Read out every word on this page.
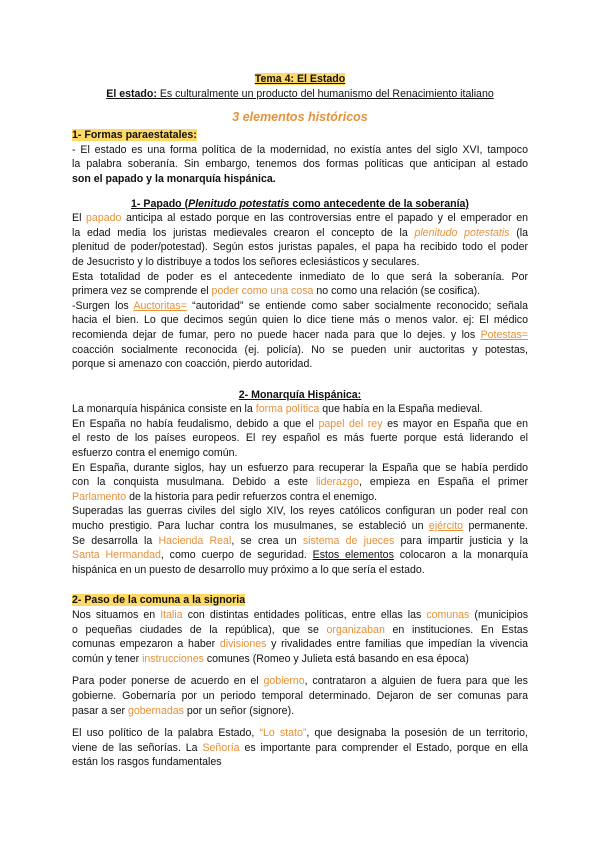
Tema 4: El Estado
El estado: Es culturalmente un producto del humanismo del Renacimiento italiano
3 elementos históricos
1- Formas paraestatales:
- El estado es una forma política de la modernidad, no existía antes del siglo XVI, tampoco
la palabra soberanía. Sin embargo, tenemos dos formas políticas que anticipan al estado
son el papado y la monarquía hispánica.
1- Papado (Plenitudo potestatis como antecedente de la soberanía)
El papado anticipa al estado porque en las controversias entre el papado y el emperador en
la edad media los juristas medievales crearon el concepto de la plenitudo potestatis (la
plenitud de poder/potestad). Según estos juristas papales, el papa ha recibido todo el poder
de Jesucristo y lo distribuye a todos los señores eclesiásticos y seculares.
Esta totalidad de poder es el antecedente inmediato de lo que será la soberanía. Por
primera vez se comprende el poder como una cosa no como una relación (se cosifica).
-Surgen los Auctoritas= “autoridad” se entiende como saber socialmente reconocido; señala
hacia el bien. Lo que decimos según quien lo dice tiene más o menos valor. ej: El médico
recomienda dejar de fumar, pero no puede hacer nada para que lo dejes. y los Potestas=
coacción socialmente reconocida (ej. policía). No se pueden unir auctoritas y potestas,
porque si amenazo con coacción, pierdo autoridad.
2- Monarquía Hispánica:
La monarquía hispánica consiste en la forma política que había en la España medieval.
En España no había feudalismo, debido a que el papel del rey es mayor en España que en
el resto de los países europeos. El rey español es más fuerte porque está liderando el
esfuerzo contra el enemigo común.
En España, durante siglos, hay un esfuerzo para recuperar la España que se había perdido
con la conquista musulmana. Debido a este liderazgo, empieza en España el primer
Parlamento de la historia para pedir refuerzos contra el enemigo.
Superadas las guerras civiles del siglo XIV, los reyes católicos configuran un poder real con
mucho prestigio. Para luchar contra los musulmanes, se estableció un ejército permanente.
Se desarrolla la Hacienda Real, se crea un sistema de jueces para impartir justicia y la
Santa Hermandad, como cuerpo de seguridad. Estos elementos colocaron a la monarquía
hispánica en un puesto de desarrollo muy próximo a lo que sería el estado.
2- Paso de la comuna a la signoria
Nos situamos en Italia con distintas entidades políticas, entre ellas las comunas (municipios
o pequeñas ciudades de la república), que se organizaban en instituciones. En Estas
comunas empezaron a haber divisiones y rivalidades entre familias que impedían la vivencia
común y tener instrucciones comunes (Romeo y Julieta está basando en esa época)
Para poder ponerse de acuerdo en el gobierno, contrataron a alguien de fuera para que les
gobierne. Gobernaría por un periodo temporal determinado. Dejaron de ser comunas para
pasar a ser gobernadas por un señor (signore).
El uso político de la palabra Estado, “Lo stato”, que designaba la posesión de un territorio,
viene de las señorías. La Señoría es importante para comprender el Estado, porque en ella
están los rasgos fundamentales
